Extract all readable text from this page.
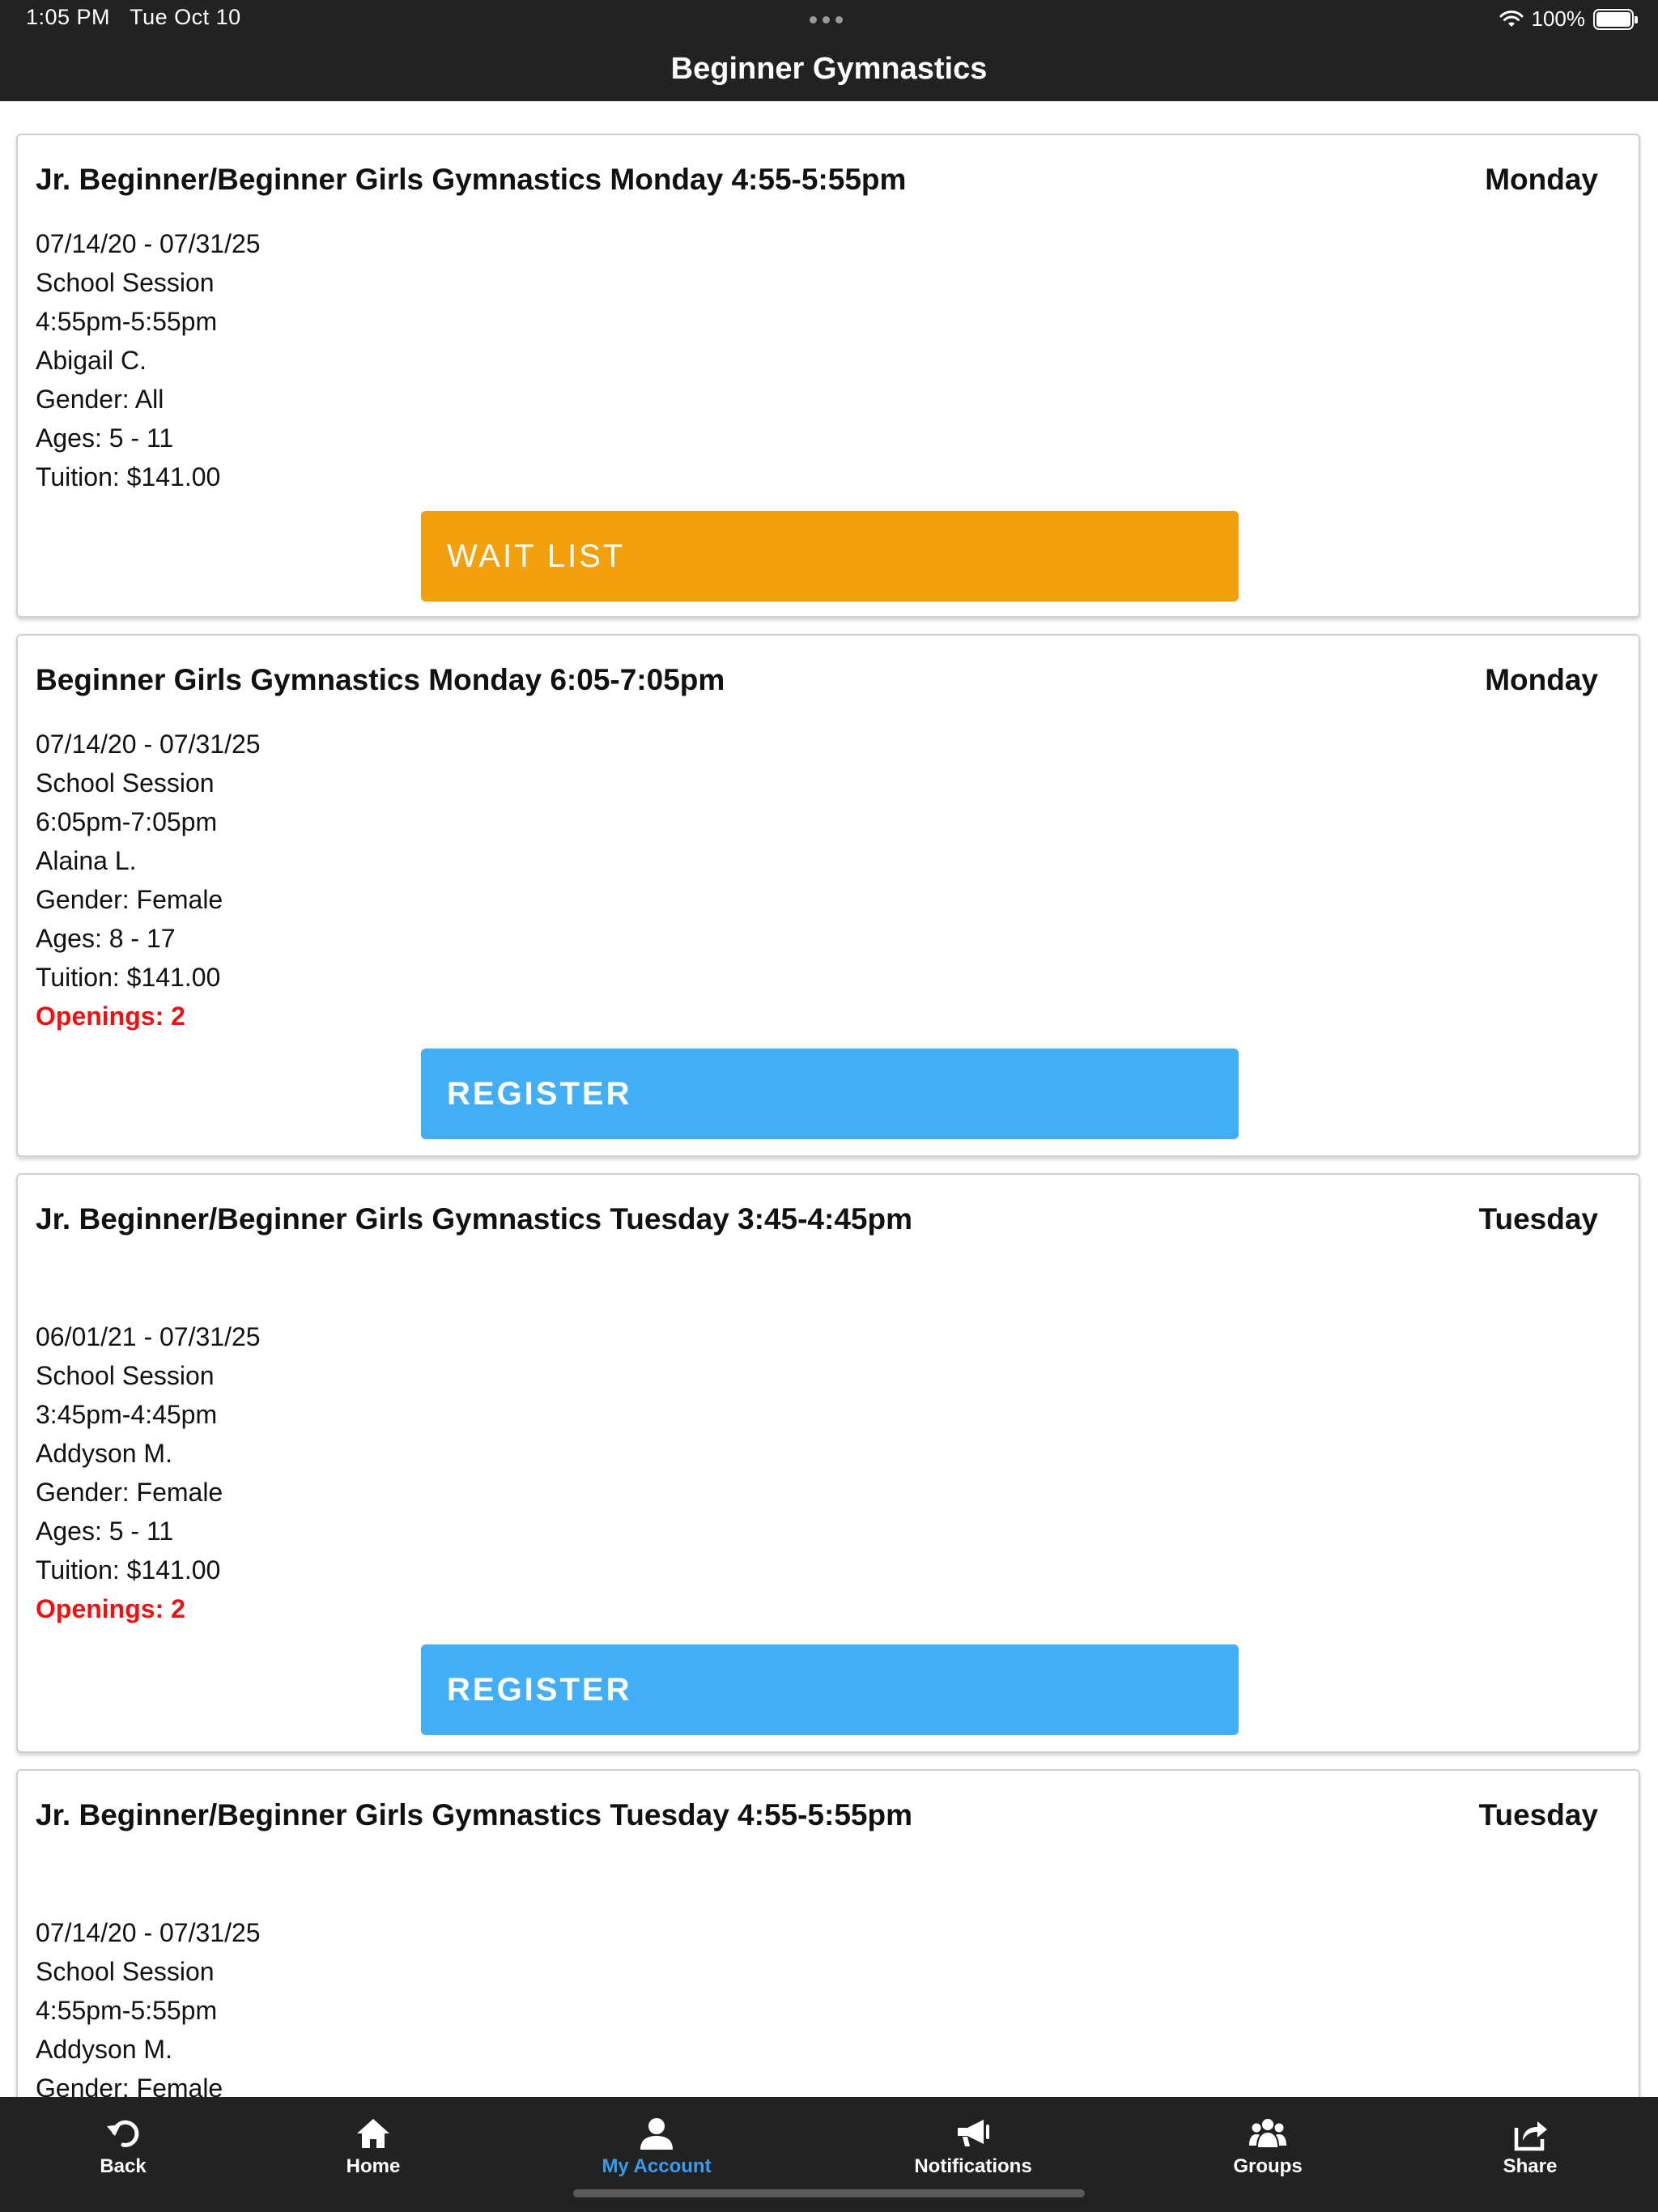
1:05 PM Tue Oct 10	100%
Beginner Gymnastics
Jr. Beginner/Beginner Girls Gymnastics Monday 4:55-5:55pm	Monday
07/14/20 - 07/31/25
School Session
4:55pm-5:55pm
Abigail C.
Gender: All
Ages: 5 - 11
Tuition: $141.00
WAIT LIST
Beginner Girls Gymnastics Monday 6:05-7:05pm	Monday
07/14/20 - 07/31/25
School Session
6:05pm-7:05pm
Alaina L.
Gender: Female
Ages: 8 - 17
Tuition: $141.00
Openings: 2
REGISTER
Jr. Beginner/Beginner Girls Gymnastics Tuesday 3:45-4:45pm	Tuesday
06/01/21 - 07/31/25
School Session
3:45pm-4:45pm
Addyson M.
Gender: Female
Ages: 5 - 11
Tuition: $141.00
Openings: 2
REGISTER
Jr. Beginner/Beginner Girls Gymnastics Tuesday 4:55-5:55pm	Tuesday
07/14/20 - 07/31/25
School Session
4:55pm-5:55pm
Addyson M.
Gender: Female
Back	Home	My Account	Notifications	Groups	Share
